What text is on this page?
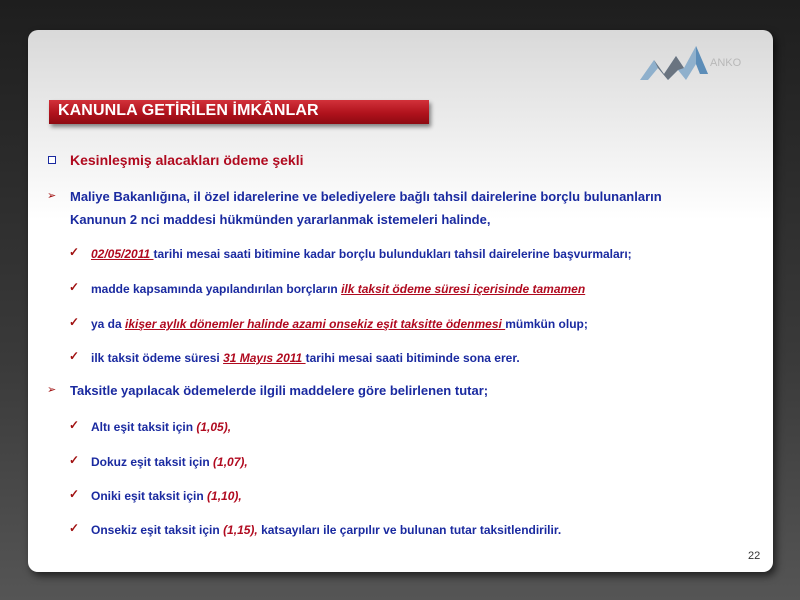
ANKO
KANUNLA GETİRİLEN İMKÂNLAR
Kesinleşmiş alacakları ödeme şekli
➢ Maliye Bakanlığına, il özel idarelerine ve belediyelere bağlı tahsil dairelerine borçlu bulunanların
Kanunun 2 nci maddesi hükmünden yararlanmak istemeleri halinde,
✓ 02/05/2011 tarihi mesai saati bitimine kadar borçlu bulundukları tahsil dairelerine başvurmaları;
✓ madde kapsamında yapılandırılan borçların ilk taksit ödeme süresi içerisinde tamamen
✓ ya da ikişer aylık dönemler halinde azami onsekiz eşit taksitte ödenmesi mümkün olup;
✓ ilk taksit ödeme süresi 31 Mayıs 2011 tarihi mesai saati bitiminde sona erer.
➢ Taksitle yapılacak ödemelerde ilgili maddelere göre belirlenen tutar;
✓ Altı eşit taksit için (1,05),
✓ Dokuz eşit taksit için (1,07),
✓ Oniki eşit taksit için (1,10),
✓ Onsekiz eşit taksit için (1,15), katsayıları ile çarpılır ve bulunan tutar taksitlendirilir.
22
